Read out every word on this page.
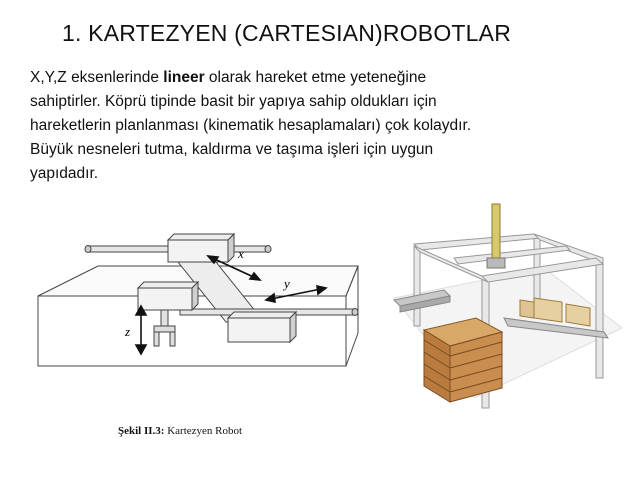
1. KARTEZYEN (CARTESIAN)ROBOTLAR

X,Y,Z eksenlerinde lineer olarak hareket etme yeteneğine

sahiptirler. Köprü tipinde basit bir yapıya sahip oldukları için

hareketlerin planlanması (kinematik hesaplamaları) çok kolaydır.

Büyük nesneleri tutma, kaldırma ve taşıma işleri için uygun

yapıdadır.

x
y
z
Şekil II.3: Kartezyen Robot
